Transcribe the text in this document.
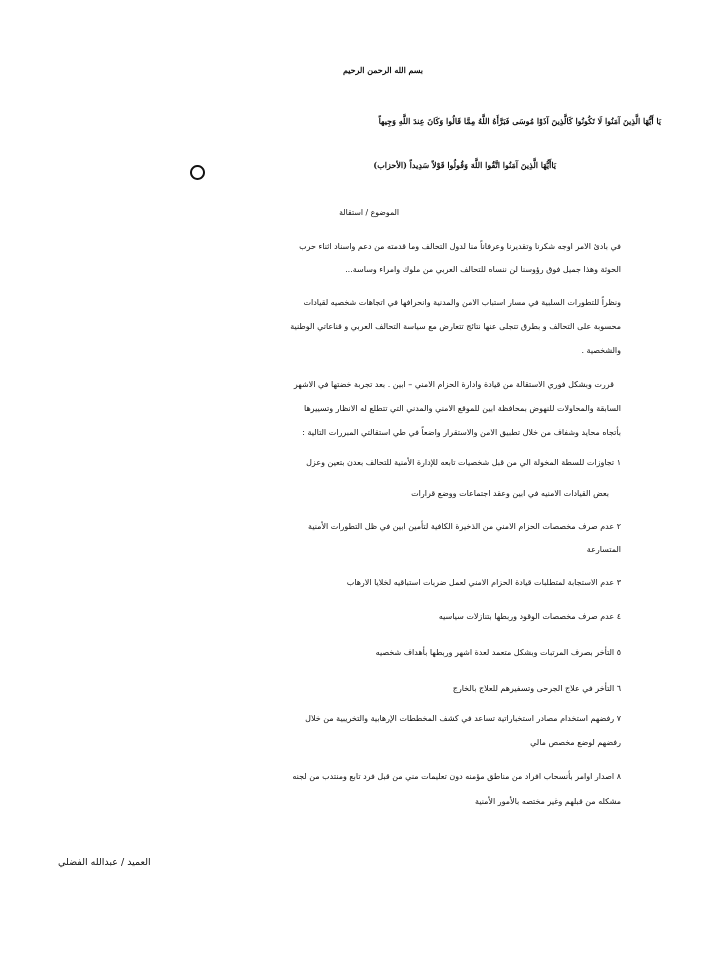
بسم الله الرحمن الرحيم
يَا أَيُّهَا الَّذِينَ آمَنُوا لَا تَكُونُوا كَالَّذِينَ آذَوْا مُوسَى فَبَرَّأَهُ اللَّهُ مِمَّا قَالُوا وَكَانَ عِندَ اللَّهِ وَجِيهاً
يَاأَيُّهَا الَّذِينَ آمَنُوا اتَّقُوا اللَّهَ وَقُولُوا قَوْلاً سَدِيداً (الأحزاب)
الموضوع / استقالة
في بادئ الامر اوجه شكرنا وتقديرنا وعرفاناً منا لدول التحالف وما قدمته من دعم واسناد اثناء حرب
الحوثة وهذا جميل فوق رؤوسنا لن ننساه للتحالف العربي من ملوك وامراء وساسة...
ونظراً للتطورات السلبية في مسار استباب الامن والمدنية وانحرافها في اتجاهات شخصيه لقيادات
محسوبة على التحالف و بطرق تتجلى عنها نتائج تتعارض مع سياسة التحالف العربي و قناعاتي الوطنية
والشخصية .
قررت وبشكل فوري الاستقالة من قيادة وادارة الحزام الامني – ابين . بعد تجربة خضتها في الاشهر
السابقة والمحاولات للنهوض بمحافظة ابين للموقع الامني والمدني التي تتطلع له الانظار وتسييرها
بأتجاه محايد وشفاف من خلال تطبيق الامن والاستقرار واضعاً في طي استقالتي المبررات التالية :
١ تجاوزات للسطة المخولة الي من قبل شخصيات تابعه للإدارة الأمنية للتحالف بعدن بتعين وعزل
بعض القيادات الامنيه في ابين وعقد اجتماعات ووضع قرارات
٢ عدم صرف مخصصات الحزام الامني من الذخيرة الكافية لتأمين ابين في ظل التطورات الأمنية
المتسارعة
٣ عدم الاستجابة لمتطلبات قيادة الحزام الامني لعمل ضربات استباقيه لخلايا الارهاب
٤ عدم صرف مخصصات الوقود وربطها بتنازلات سياسيه
٥ التأخر بصرف المرتبات وبشكل متعمد لعدة اشهر وربطها بأهداف شخصيه
٦ التأخر في علاج الجرحى وتسفيرهم للعلاج بالخارج
٧ رفضهم استخدام مصادر استخباراتية تساعد في كشف المخططات الإرهابية والتخريبية من خلال
رفضهم لوضع مخصص مالي
٨ اصدار اوامر بأنسحاب افراد من مناطق مؤمنه دون تعليمات مني من قبل فرد تابع ومنتدب من لجنه
مشكله من قبلهم وغير مختصه بالأمور الأمنية
العميد / عبدالله الفضلي
